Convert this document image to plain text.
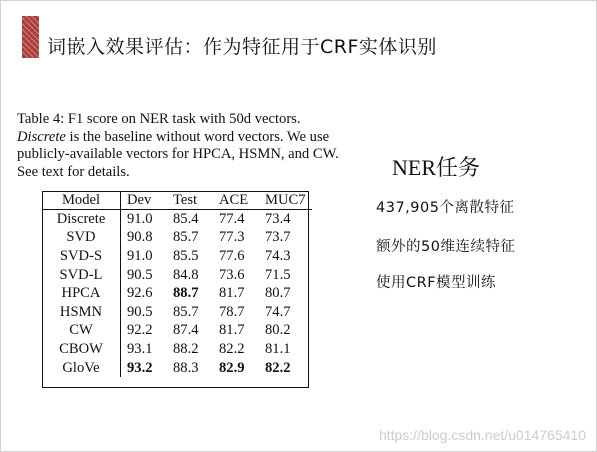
词嵌入效果评估：作为特征用于CRF实体识别
Table 4: F1 score on NER task with 50d vectors. Discrete is the baseline without word vectors. We use publicly-available vectors for HPCA, HSMN, and CW. See text for details.
Model	Dev	Test	ACE	MUC7
Discrete	91.0	85.4	77.4	73.4
SVD	90.8	85.7	77.3	73.7
SVD-S	91.0	85.5	77.6	74.3
SVD-L	90.5	84.8	73.6	71.5
HPCA	92.6	88.7	81.7	80.7
HSMN	90.5	85.7	78.7	74.7
CW	92.2	87.4	81.7	80.2
CBOW	93.1	88.2	82.2	81.1
GloVe	93.2	88.3	82.9	82.2
NER任务
437,905个离散特征
额外的50维连续特征
使用CRF模型训练
https://blog.csdn.net/u014765410
